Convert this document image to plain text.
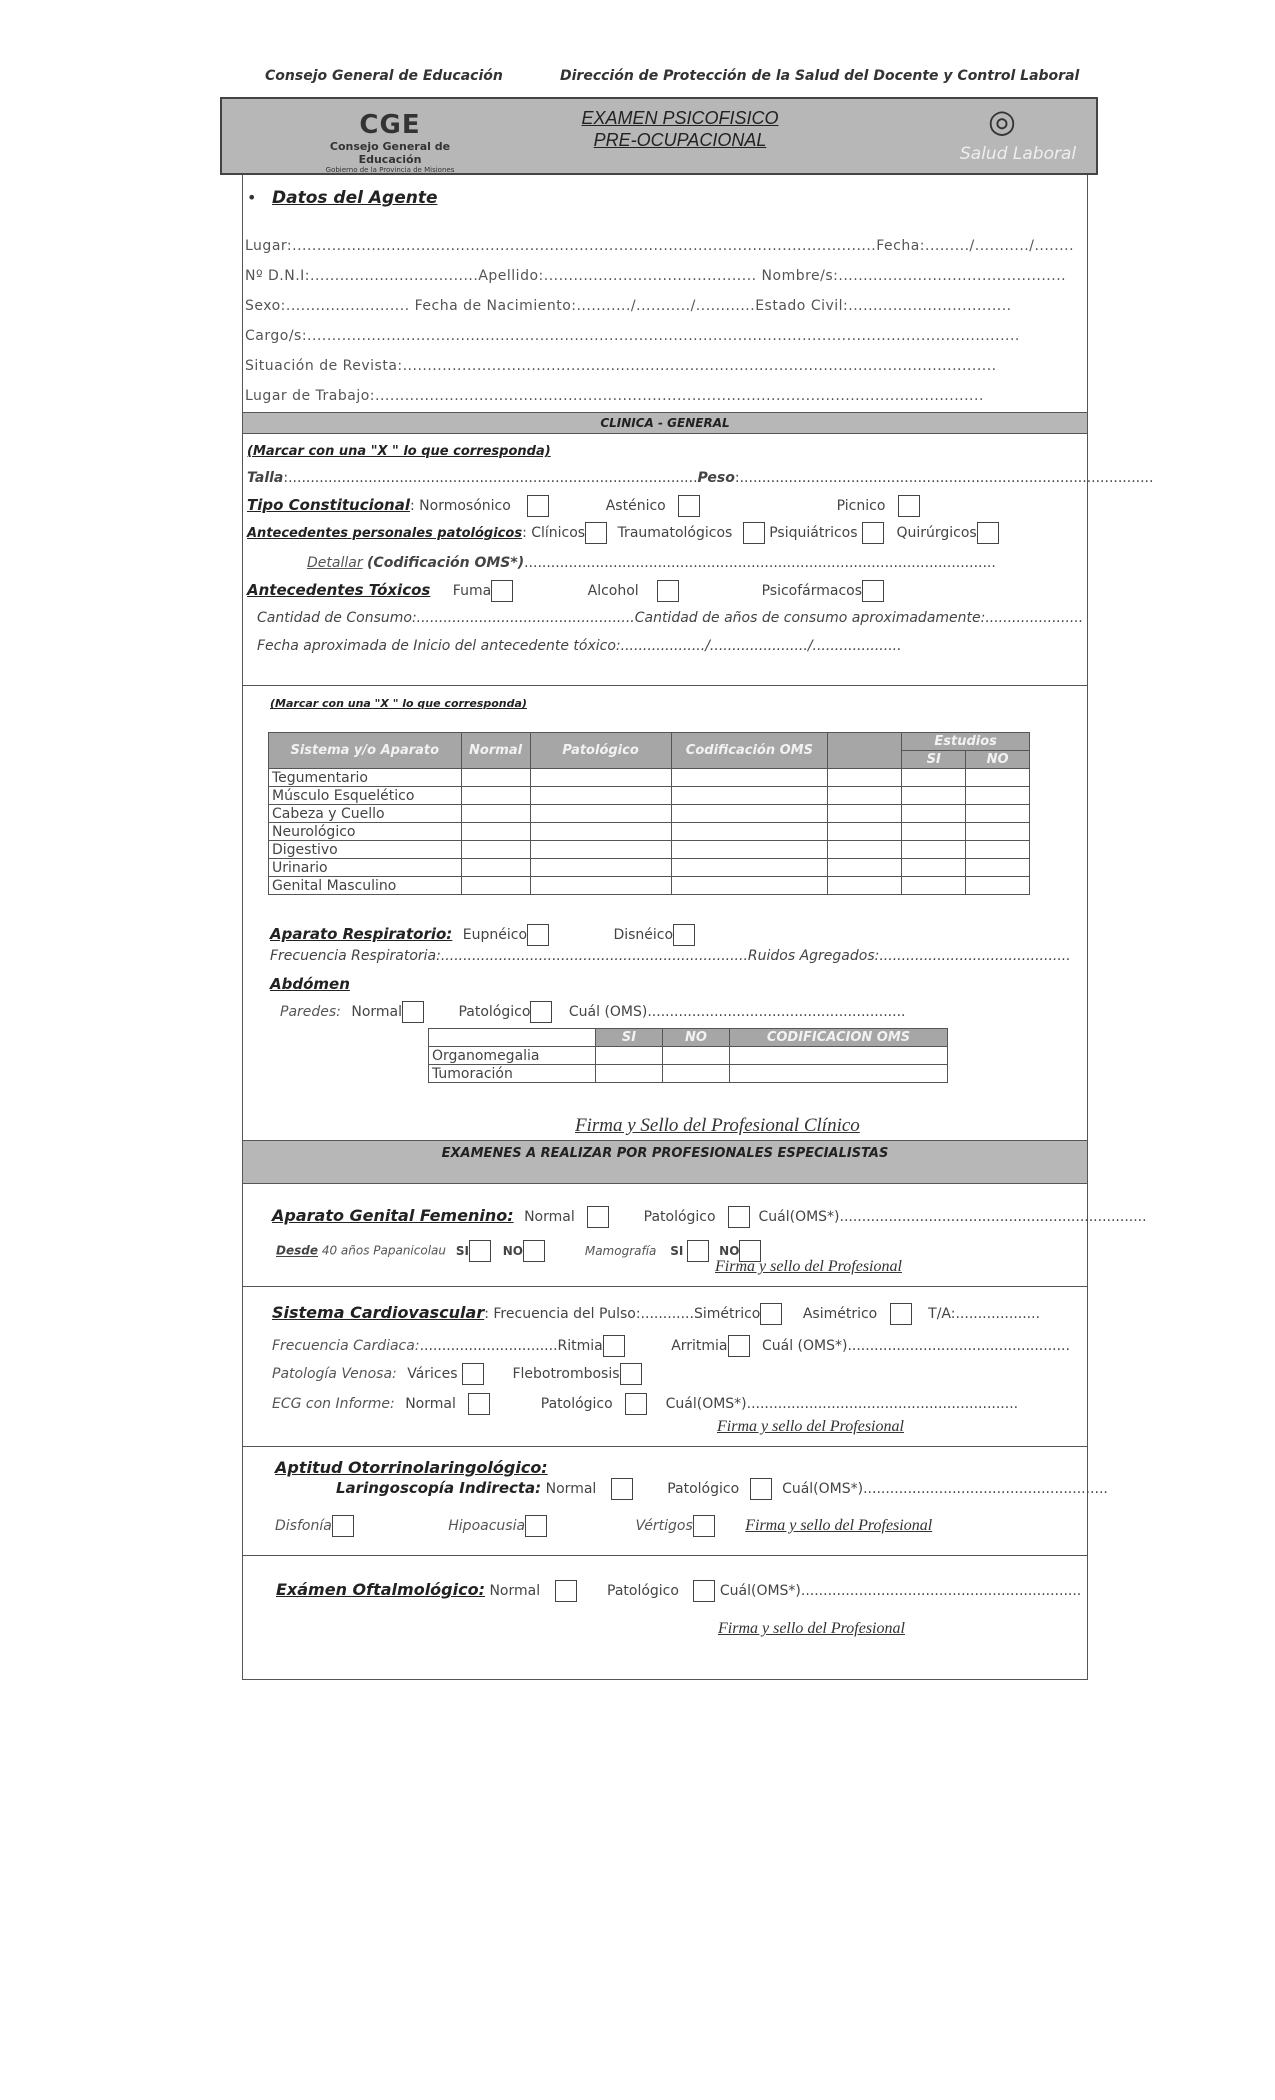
Consejo General de Educación	Dirección de Protección de la Salud del Docente y Control Laboral
CGE
Consejo General de Educación
Gobierno de la Provincia de Misiones
EXAMEN PSICOFISICO
PRE-OCUPACIONAL	◎
Salud Laboral
• Datos del Agente
Lugar:......................................................................................................................Fecha:........./.........../........
Nº D.N.I:..................................Apellido:........................................... Nombre/s:..............................................
Sexo:......................... Fecha de Nacimiento:.........../.........../............Estado Civil:.................................
Cargo/s:................................................................................................................................................
Situación de Revista:........................................................................................................................
Lugar de Trabajo:...........................................................................................................................
CLINICA - GENERAL
(Marcar con una "X " lo que corresponda)
Talla:............................................................................................Peso:.............................................................................................
Tipo Constitucional: Normosónico	Asténico	Picnico
Antecedentes personales patológicos: Clínicos Traumatológicos	Psiquiátricos	Quirúrgicos
Detallar (Codificación OMS*)..........................................................................................................
Antecedentes Tóxicos Fuma	Alcohol	Psicofármacos
Cantidad de Consumo:.................................................Cantidad de años de consumo aproximadamente:......................
Fecha aproximada de Inicio del antecedente tóxico:.................../....................../....................
(Marcar con una "X " lo que corresponda)
Sistema y/o Aparato	Normal	Patológico	Codificación OMS		Estudios	
					SI	NO
Tegumentario						
Músculo Esquelético						
Cabeza y Cuello						
Neurológico						
Digestivo						
Urinario						
Genital Masculino						
Aparato Respiratorio: Eupnéico	Disnéico
Frecuencia Respiratoria:.....................................................................Ruidos Agregados:...........................................
Abdómen
Paredes: Normal	Patológico	Cuál (OMS)..........................................................
	SI	NO	CODIFICACION OMS
Organomegalia			
Tumoración			
Firma y Sello del Profesional Clínico
EXAMENES A REALIZAR POR PROFESIONALES ESPECIALISTAS
Aparato Genital Femenino: Normal	Patológico	Cuál(OMS*).....................................................................
Desde 40 años Papanicolau SI	NO	Mamografía SI	NO
Firma y sello del Profesional
Sistema Cardiovascular: Frecuencia del Pulso:............Simétrico	Asimétrico	T/A:...................
Frecuencia Cardiaca:...............................Ritmia	Arritmia Cuál (OMS*)..................................................
Patología Venosa: Várices	Flebotrombosis
ECG con Informe: Normal	Patológico	Cuál(OMS*).............................................................
Firma y sello del Profesional
Aptitud Otorrinolaringológico:
Laringoscopía Indirecta: Normal	Patológico	Cuál(OMS*).......................................................
Disfonía	Hipoacusia	Vértigos	Firma y sello del Profesional
Exámen Oftalmológico: Normal	Patológico	Cuál(OMS*)...............................................................
Firma y sello del Profesional
